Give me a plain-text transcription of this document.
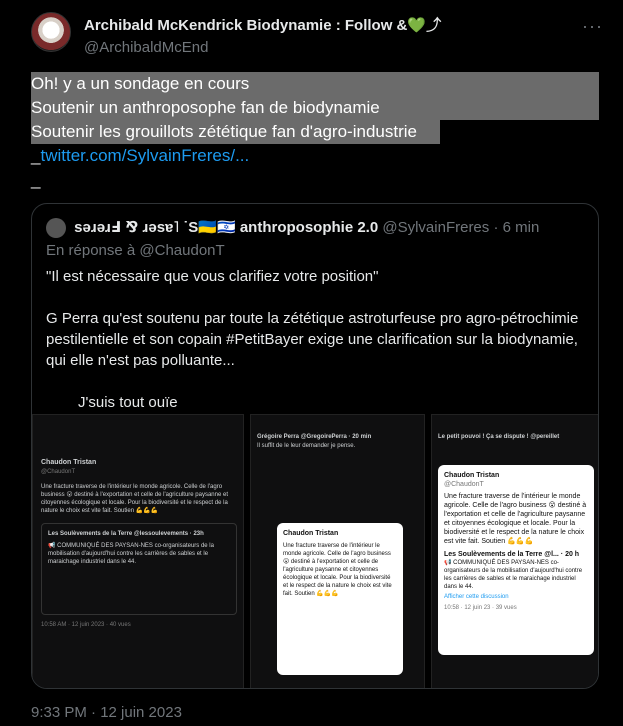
Archibald McKendrick Biodynamie : Follow &💚⤴
@ArchibaldMcEnd
···
Oh! y a un sondage en cours
Soutenir un anthroposophe fan de biodynamie
Soutenir les grouillots zététique fan d'agro-industrie
_twitter.com/SylvainFreres/...
_
sǝɹǝɹℲ ⅋ ɹǝsɐ˥ ˙S🇺🇦🇮🇱 anthroposophie 2.0 @SylvainFreres · 6 min
En réponse à @ChaudonT

"Il est nécessaire que vous clarifiez votre position"

G Perra qu'est soutenu par toute la zététique astroturfeuse pro agro-pétrochimie pestilentielle et son copain #PetitBayer exige une clarification sur la biodynamie, qui elle n'est pas polluante...

J'suis tout ouïe

Chaudon Tristan
@ChaudonT
Une fracture traverse de l'intérieur le monde agricole. Celle de l'agro business 😮 destiné à l'exportation et celle de l'agriculture paysanne et citoyennes écologique et locale. Pour la biodiversité et le respect de la nature le choix est vite fait. Soutien 💪💪💪
Les Soulèvements de la Terre @lessoulevements · 23h
📢 COMMUNIQUÉ DES PAYSAN-NES co-organisateurs de la mobilisation d'aujourd'hui contre les carrières de sables et le maraichage industriel dans le 44.
10:58 AM · 12 juin 2023 · 40 vues
Grégoire Perra @GregoirePerra · 20 min
Il suffit de le leur demander je pense.
Chaudon Tristan
Une fracture traverse de l'intérieur le monde agricole. Celle de l'agro business 😮 destiné à l'exportation et celle de l'agriculture paysanne et citoyennes écologique et locale. Pour la biodiversité et le respect de la nature le choix est vite fait. Soutien 💪💪💪
Le petit pouvoi ! Ça se dispute ! @pereillet
Chaudon Tristan
@ChaudonT
Une fracture traverse de l'intérieur le monde agricole. Celle de l'agro business 😮 destiné à l'exportation et celle de l'agriculture paysanne et citoyennes écologique et locale. Pour la biodiversité et le respect de la nature le choix est vite fait. Soutien 💪💪💪
Les Soulèvements de la Terre @l... · 20 h
📢 COMMUNIQUÉ DES PAYSAN-NES co-organisateurs de la mobilisation d'aujourd'hui contre les carrières de sables et le maraichage industriel dans le 44.
Afficher cette discussion
10:58 · 12 juin 23 · 39 vues
9:33 PM · 12 juin 2023
